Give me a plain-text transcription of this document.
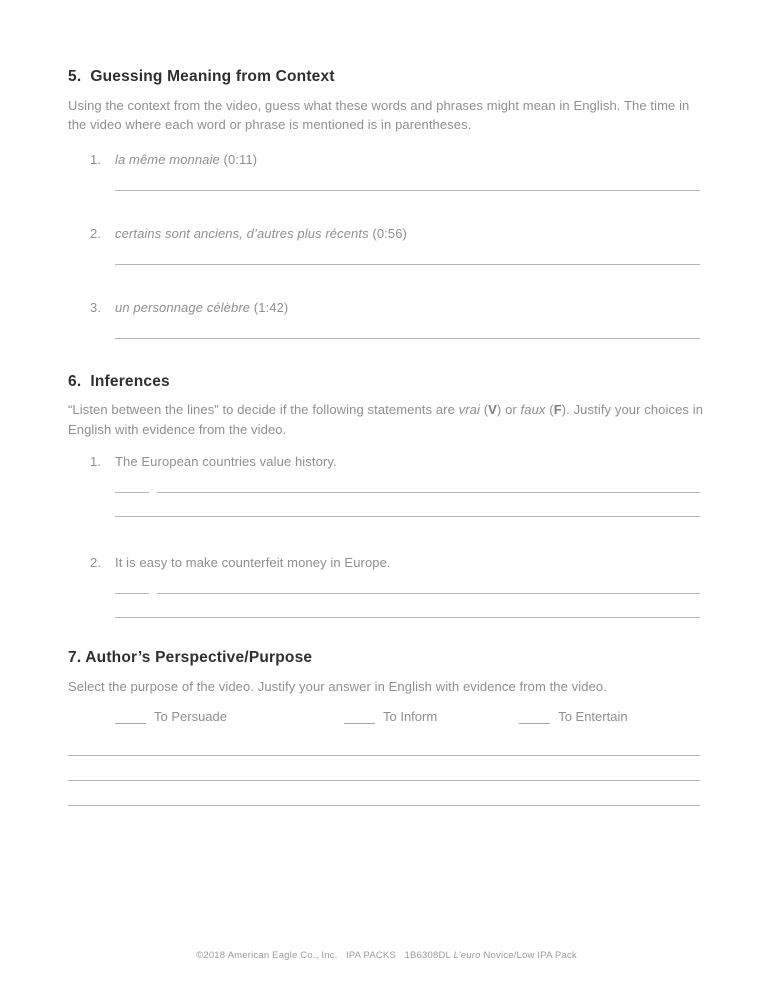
5.  Guessing Meaning from Context

Using the context from the video, guess what these words and phrases might mean in English. The time in the video where each word or phrase is mentioned is in parentheses.

1. la même monnaie (0:11)
2. certains sont anciens, d’autres plus récents (0:56)
3. un personnage célèbre (1:42)
6.  Inferences

“Listen between the lines” to decide if the following statements are vrai (V) or faux (F). Justify your choices in English with evidence from the video.

1. The European countries value history.
2. It is easy to make counterfeit money in Europe.
7. Author’s Perspective/Purpose

Select the purpose of the video. Justify your answer in English with evidence from the video.

To Persuade	To Inform	To Entertain
©2018 American Eagle Co., Inc.   IPA PACKS   1B6308DL L’euro Novice/Low IPA Pack
